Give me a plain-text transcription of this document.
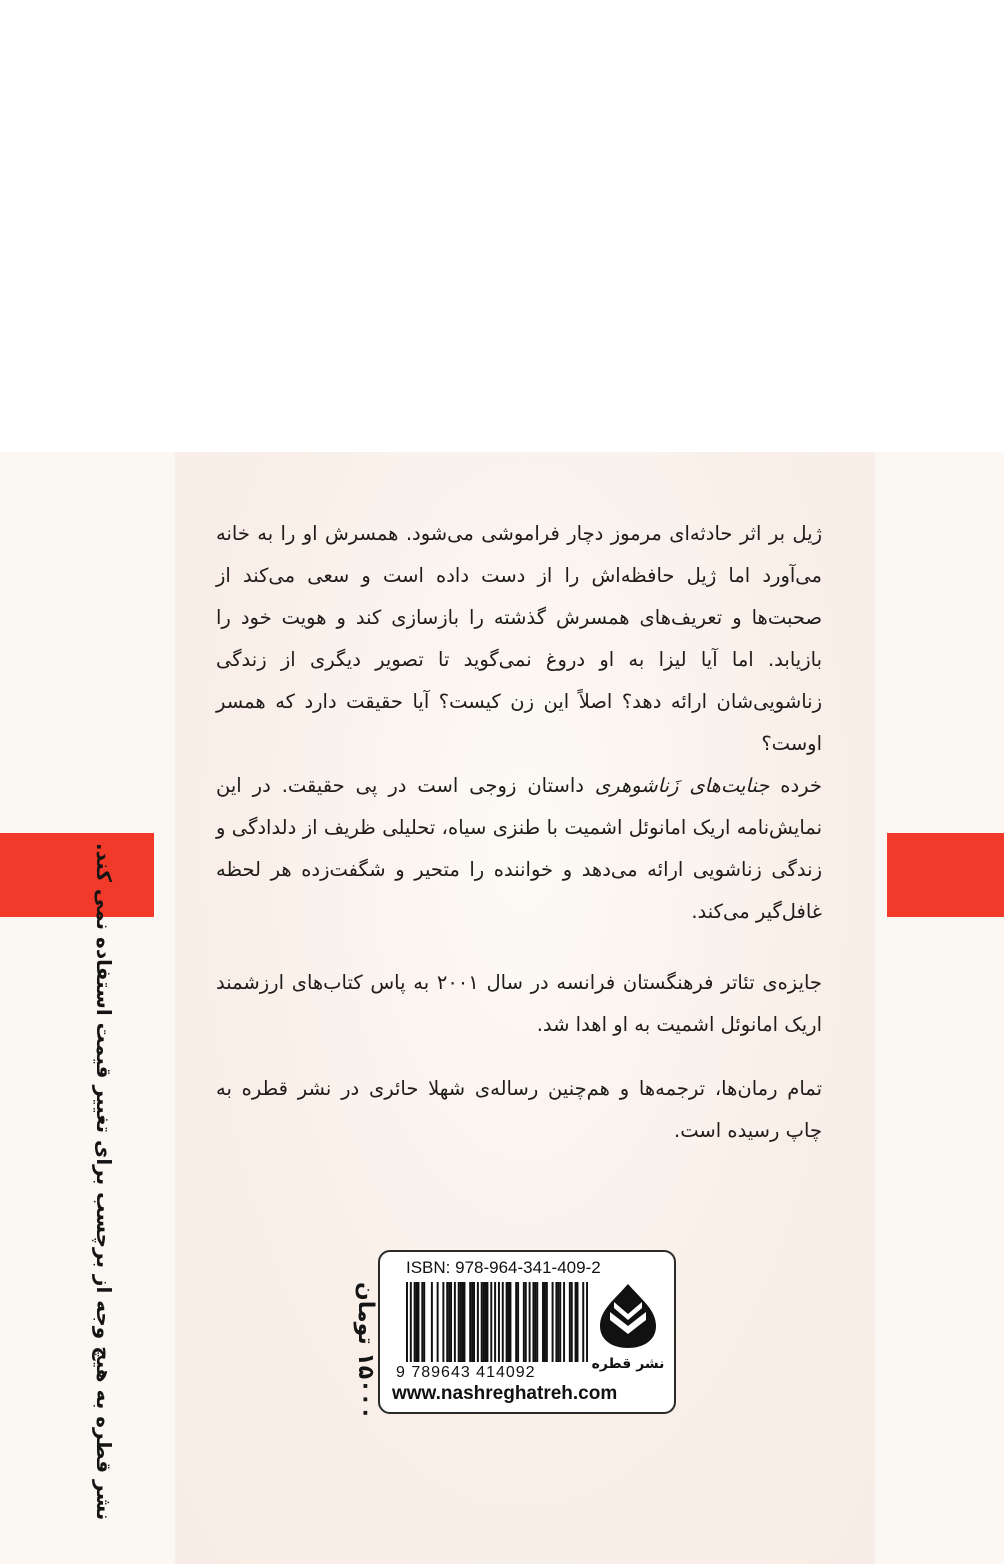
ژیل بر اثر حادثه‌ای مرموز دچار فراموشی می‌شود. همسرش او را به خانه می‌آورد اما ژیل حافظه‌اش را از دست داده است و سعی می‌کند از صحبت‌ها و تعریف‌های همسرش گذشته را بازسازی کند و هویت خود را بازیابد. اما آیا لیزا به او دروغ نمی‌گوید تا تصویر دیگری از زندگی زناشویی‌شان ارائه دهد؟ اصلاً این زن کیست؟ آیا حقیقت دارد که همسر اوست؟

خرده جنایت‌های زَناشوهری داستان زوجی است در پی حقیقت. در این نمایش‌نامه اریک امانوئل اشمیت با طنزی سیاه، تحلیلی ظریف از دلدادگی و زندگی زناشویی ارائه می‌دهد و خواننده را متحیر و شگفت‌زده هر لحظه غافل‌گیر می‌کند.

جایزه‌ی تئاتر فرهنگستان فرانسه در سال ۲۰۰۱ به پاس کتاب‌های ارزشمند اریک امانوئل اشمیت به او اهدا شد.
تمام رمان‌ها، ترجمه‌ها و هم‌چنین رساله‌ی شهلا حائری در نشر قطره به چاپ رسیده است.
نشر قطره به هیچ وجه از برچسب برای تغییر قیمت استفاده نمی کند.	۱۵۰۰۰ تومان
ISBN: 978-964-341-409-2
9 789643 414092
www.nashreghatreh.com
نشر قطره
